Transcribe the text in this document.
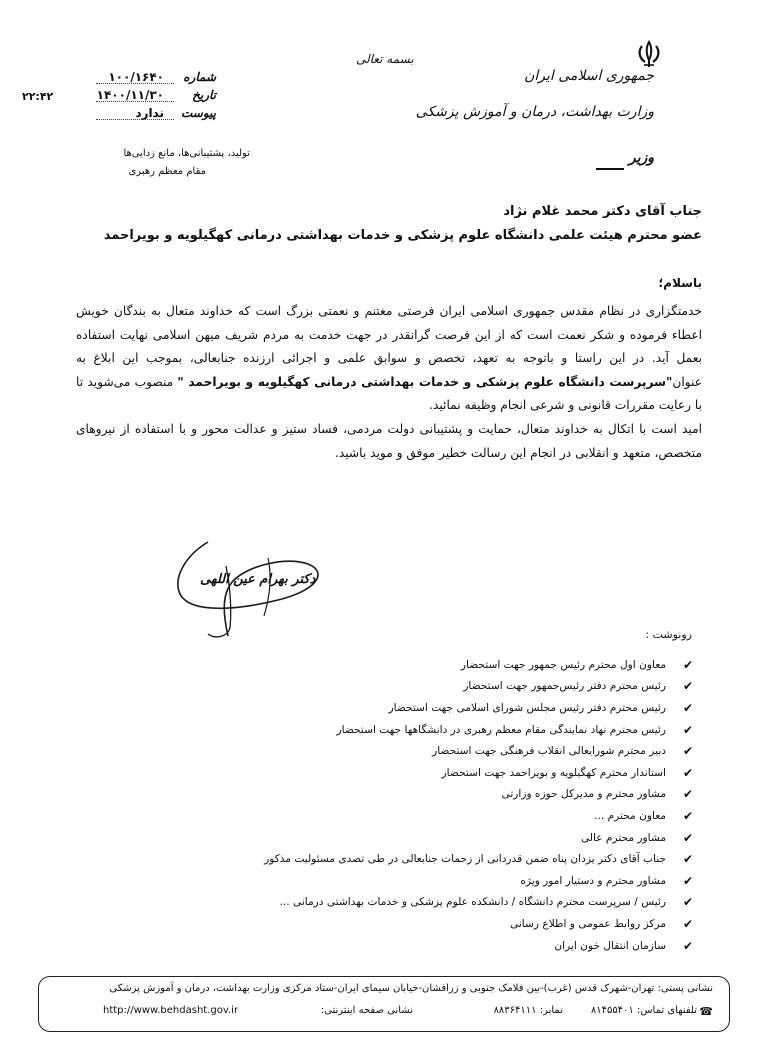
جمهوری اسلامی ایران
وزارت بهداشت، درمان و آموزش پزشکی
وزیر
بسمه تعالی
شماره
۱۰۰/۱۶۴۰
تاریخ
۱۴۰۰/۱۱/۳۰
پیوست
ندارد
۲۲:۴۲
تولید، پشتیبانی‌ها، مانع زدایی‌ها
مقام معظم رهبری
جناب آقای دکتر محمد غلام نژاد
عضو محترم هیئت علمی دانشگاه علوم پزشکی و خدمات بهداشتی درمانی کهگیلویه و بویراحمد
باسلام؛

خدمتگزاری در نظام مقدس جمهوری اسلامی ایران فرصتی مغتنم و نعمتی بزرگ است که خداوند متعال به بندگان خویش اعطاء فرموده و شکر نعمت است که از این فرصت گرانقدر در جهت خدمت به مردم شریف میهن اسلامی نهایت استفاده بعمل آید. در این راستا و باتوجه به تعهد، تخصص و سوابق علمی و اجرائی ارزنده جنابعالی، بموجب این ابلاغ به عنوان"سرپرست دانشگاه علوم پزشکی و خدمات بهداشتی درمانی کهگیلویه و بویراحمد " منصوب می‌شوید تا با رعایت مقررات قانونی و شرعی انجام وظیفه نمائید.

امید است با اتکال به خداوند متعال، حمایت و پشتیبانی دولت مردمی، فساد ستیز و عدالت محور و با استفاده از نیروهای متخصص، متعهد و انقلابی در انجام این رسالت خطیر موفق و موید باشید.

دکتر بهرام عین اللهی
رونوشت :
✔
معاون اول محترم رئیس جمهور جهت استحضار
✔
رئیس محترم دفتر رئیس‌جمهور جهت استحضار
✔
رئیس محترم دفتر رئیس مجلس شورای اسلامی جهت استحضار
✔
رئیس محترم نهاد نمایندگی مقام معظم رهبری در دانشگاهها جهت استحضار
✔
دبیر محترم شورایعالی انقلاب فرهنگی جهت استحضار
✔
استاندار محترم کهگیلویه و بویراحمد جهت استحضار
✔
مشاور محترم و مدیرکل حوزه وزارتی
✔
معاون محترم ...
✔
مشاور محترم عالی
✔
جناب آقای دکتر یزدان پناه ضمن قدردانی از زحمات جنابعالی در طی تصدی مسئولیت مذکور
✔
مشاور محترم و دستیار امور ویژه
✔
رئیس / سرپرست محترم دانشگاه / دانشکده علوم پزشکی و خدمات بهداشتی درمانی ...
✔
مرکز روابط عمومی و اطلاع رسانی
✔
سازمان انتقال خون ایران
نشانی پستی: تهران-شهرک قدس (غرب)-بین فلامک جنوبی و زرافشان-خیابان سیمای ایران-ستاد مرکزی وزارت بهداشت، درمان و آموزش پزشکی
☎
تلفنهای تماس: ۸۱۴۵۵۴۰۱
نمابر: ۸۸۳۶۴۱۱۱
نشانی صفحه اینترنتی:
http://www.behdasht.gov.ir
